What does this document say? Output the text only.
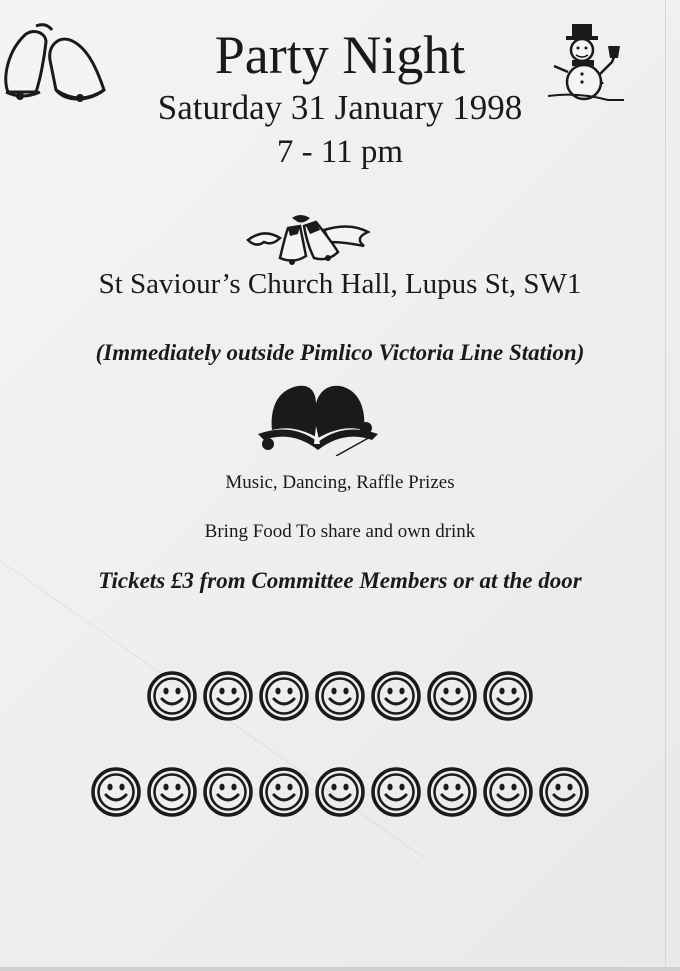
Party Night
Saturday 31 January 1998
7 - 11 pm
St Saviour’s Church Hall, Lupus St, SW1
(Immediately outside Pimlico Victoria Line Station)
Music, Dancing, Raffle Prizes
Bring Food To share and own drink
Tickets £3 from Committee Members or at the door
